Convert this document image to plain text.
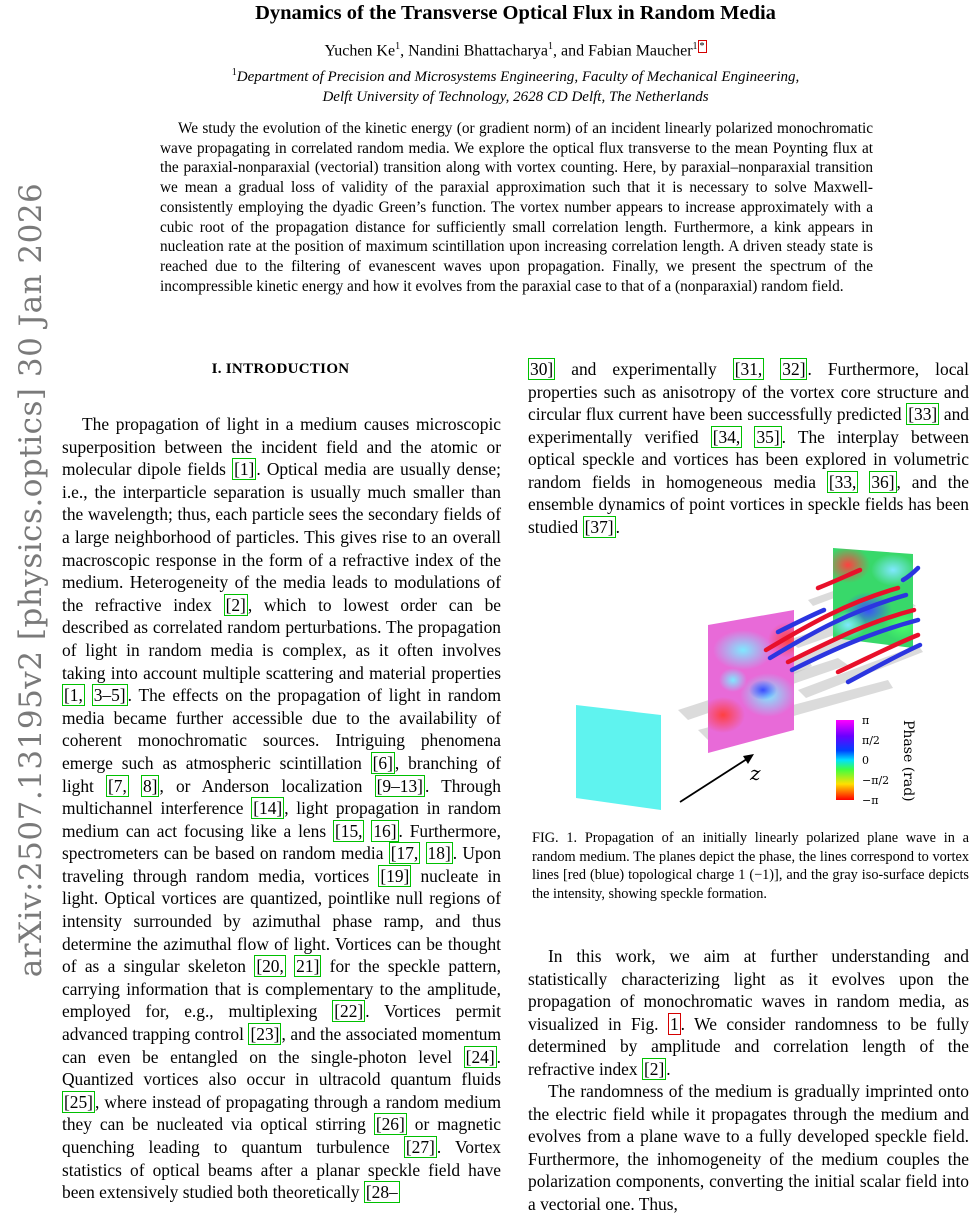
arXiv:2507.13195v2 [physics.optics] 30 Jan 2026
Dynamics of the Transverse Optical Flux in Random Media
Yuchen Ke$^1$, Nandini Bhattacharya$^1$, and Fabian Maucher$^1$ *
$^1$Department of Precision and Microsystems Engineering, Faculty of Mechanical Engineering,
Delft University of Technology, 2628 CD Delft, The Netherlands
We study the evolution of the kinetic energy (or gradient norm) of an incident linearly polarized monochromatic wave propagating in correlated random media. We explore the optical flux transverse to the mean Poynting flux at the paraxial-nonparaxial (vectorial) transition along with vortex counting. Here, by paraxial–nonparaxial transition we mean a gradual loss of validity of the paraxial approximation such that it is necessary to solve Maxwell-consistently employing the dyadic Green’s function. The vortex number appears to increase approximately with a cubic root of the propagation distance for sufficiently small correlation length. Furthermore, a kink appears in nucleation rate at the position of maximum scintillation upon increasing correlation length. A driven steady state is reached due to the filtering of evanescent waves upon propagation. Finally, we present the spectrum of the incompressible kinetic energy and how it evolves from the paraxial case to that of a (nonparaxial) random field.
I. INTRODUCTION

The propagation of light in a medium causes microscopic superposition between the incident field and the atomic or molecular dipole fields [1] . Optical media are usually dense; i.e., the interparticle separation is usually much smaller than the wavelength; thus, each particle sees the secondary fields of a large neighborhood of particles. This gives rise to an overall macroscopic response in the form of a refractive index of the medium. Heterogeneity of the media leads to modulations of the refractive index [2] , which to lowest order can be described as correlated random perturbations. The propagation of light in random media is complex, as it often involves taking into account multiple scattering and material properties [1, 3–5] . The effects on the propagation of light in random media became further accessible due to the availability of coherent monochromatic sources. Intriguing phenomena emerge such as atmospheric scintillation [6] , branching of light [7, 8] , or Anderson localization [9–13] . Through multichannel interference [14] , light propagation in random medium can act focusing like a lens [15, 16] . Furthermore, spectrometers can be based on random media [17, 18] . Upon traveling through random media, vortices [19] nucleate in light. Optical vortices are quantized, pointlike null regions of intensity surrounded by azimuthal phase ramp, and thus determine the azimuthal flow of light. Vortices can be thought of as a singular skeleton [20, 21] for the speckle pattern, carrying information that is complementary to the amplitude, employed for, e.g., multiplexing [22] . Vortices permit advanced trapping control [23] , and the associated momentum can even be entangled on the single-photon level [24] . Quantized vortices also occur in ultracold quantum fluids [25] , where instead of propagating through a random medium they can be nucleated via optical stirring [26] or magnetic quenching leading to quantum turbulence [27] . Vortex statistics of optical beams after a planar speckle field have been extensively studied both theoretically [28–

30] and experimentally [31, 32] . Furthermore, local properties such as anisotropy of the vortex core structure and circular flux current have been successfully predicted [33] and experimentally verified [34, 35] . The interplay between optical speckle and vortices has been explored in volumetric random fields in homogeneous media [33, 36] , and the ensemble dynamics of point vortices in speckle fields has been studied [37] .

z
π
π/2
0
−π/2
−π Phase (rad)
FIG. 1. Propagation of an initially linearly polarized plane wave in a random medium. The planes depict the phase, the lines correspond to vortex lines [red (blue) topological charge 1 (−1)], and the gray iso-surface depicts the intensity, showing speckle formation.

In this work, we aim at further understanding and statistically characterizing light as it evolves upon the propagation of monochromatic waves in random media, as visualized in Fig. 1 . We consider randomness to be fully determined by amplitude and correlation length of the refractive index [2] .

The randomness of the medium is gradually imprinted onto the electric field while it propagates through the medium and evolves from a plane wave to a fully developed speckle field. Furthermore, the inhomogeneity of the medium couples the polarization components, converting the initial scalar field into a vectorial one. Thus,
